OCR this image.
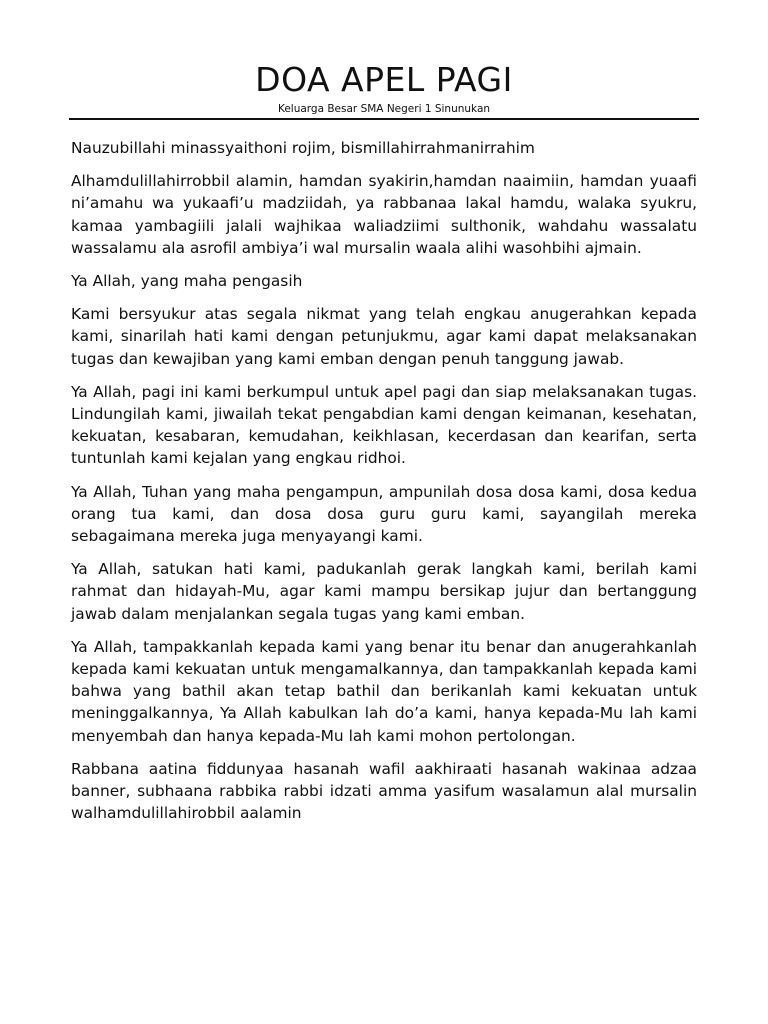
DOA APEL PAGI
Keluarga Besar SMA Negeri 1 Sinunukan

Nauzubillahi minassyaithoni rojim, bismillahirrahmanirrahim

Alhamdulillahirrobbil alamin, hamdan syakirin,hamdan naaimiin, hamdan yuaafi ni’amahu wa yukaafi’u madziidah, ya rabbanaa lakal hamdu, walaka syukru, kamaa yambagiili jalali wajhikaa waliadziimi sulthonik, wahdahu wassalatu wassalamu ala asrofil ambiya’i wal mursalin waala alihi wasohbihi ajmain.

Ya Allah, yang maha pengasih

Kami bersyukur atas segala nikmat yang telah engkau anugerahkan kepada kami, sinarilah hati kami dengan petunjukmu, agar kami dapat melaksanakan tugas dan kewajiban yang kami emban dengan penuh tanggung jawab.

Ya Allah, pagi ini kami berkumpul untuk apel pagi dan siap melaksanakan tugas. Lindungilah kami, jiwailah tekat pengabdian kami dengan keimanan, kesehatan, kekuatan, kesabaran, kemudahan, keikhlasan, kecerdasan dan kearifan, serta tuntunlah kami kejalan yang engkau ridhoi.

Ya Allah, Tuhan yang maha pengampun, ampunilah dosa dosa kami, dosa kedua orang tua kami, dan dosa dosa guru guru kami, sayangilah mereka sebagaimana mereka juga menyayangi kami.

Ya Allah, satukan hati kami, padukanlah gerak langkah kami, berilah kami rahmat dan hidayah-Mu, agar kami mampu bersikap jujur dan bertanggung jawab dalam menjalankan segala tugas yang kami emban.

Ya Allah, tampakkanlah kepada kami yang benar itu benar dan anugerahkanlah kepada kami kekuatan untuk mengamalkannya, dan tampakkanlah kepada kami bahwa yang bathil akan tetap bathil dan berikanlah kami kekuatan untuk meninggalkannya, Ya Allah kabulkan lah do’a kami, hanya kepada-Mu lah kami menyembah dan hanya kepada-Mu lah kami mohon pertolongan.

Rabbana aatina fiddunyaa hasanah wafil aakhiraati hasanah wakinaa adzaa banner, subhaana rabbika rabbi idzati amma yasifum wasalamun alal mursalin walhamdulillahirobbil aalamin
